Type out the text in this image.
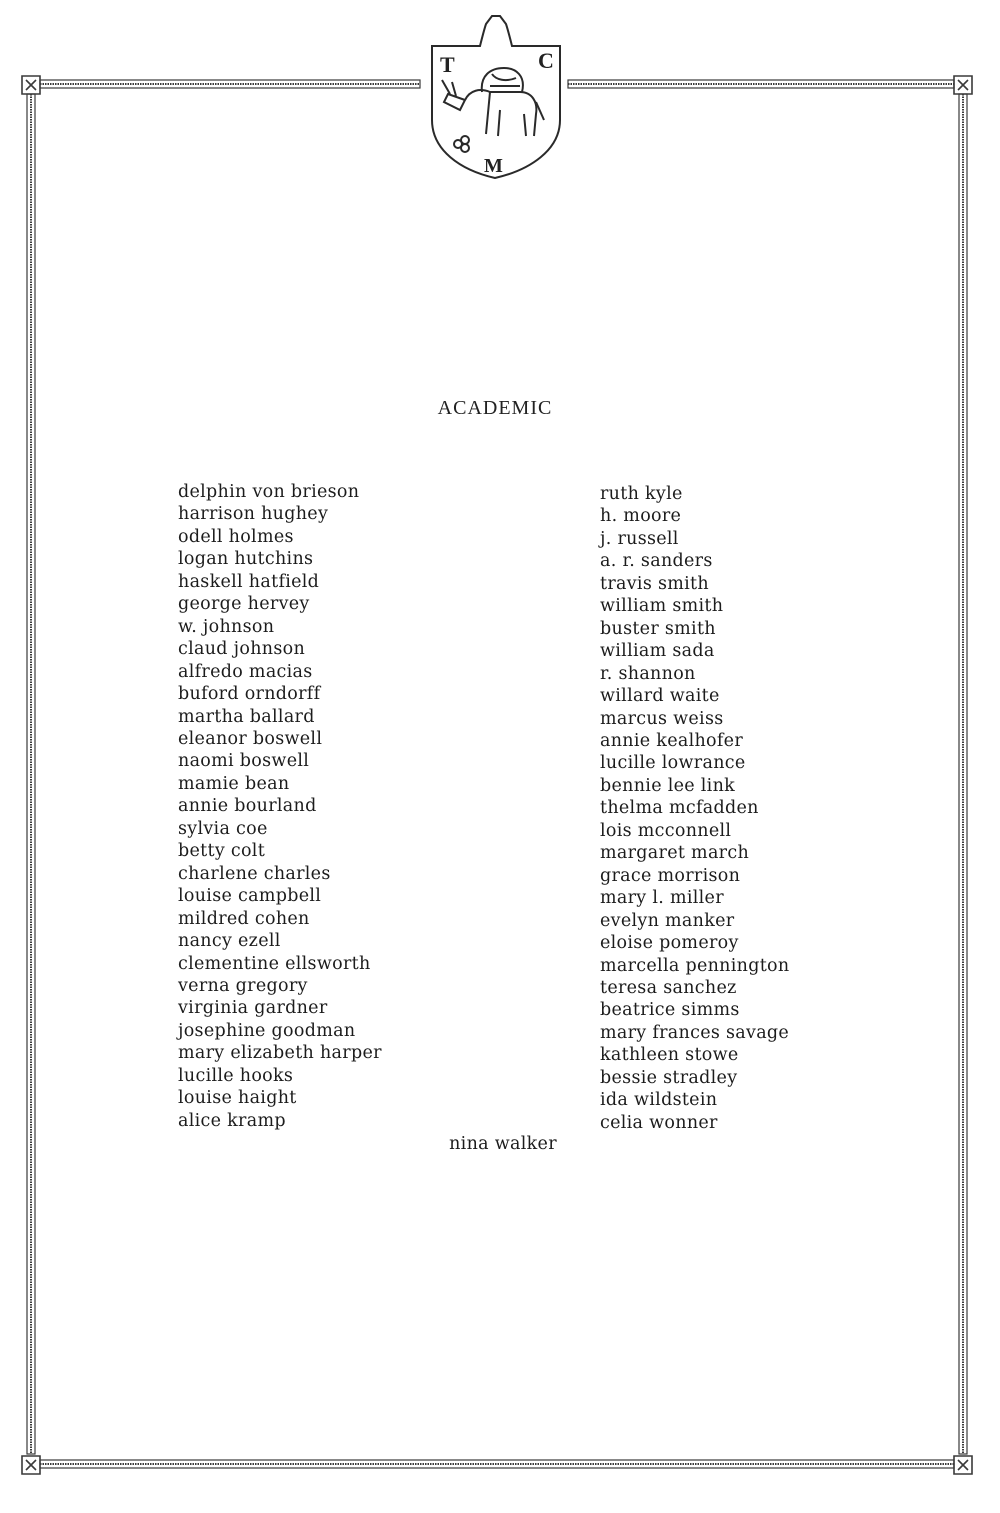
T	C
M
ACADEMIC
delphin von brieson
harrison hughey
odell holmes
logan hutchins
haskell hatfield
george hervey
w. johnson
claud johnson
alfredo macias
buford orndorff
martha ballard
eleanor boswell
naomi boswell
mamie bean
annie bourland
sylvia coe
betty colt
charlene charles
louise campbell
mildred cohen
nancy ezell
clementine ellsworth
verna gregory
virginia gardner
josephine goodman
mary elizabeth harper
lucille hooks
louise haight
alice kramp
ruth kyle
h. moore
j. russell
a. r. sanders
travis smith
william smith
buster smith
william sada
r. shannon
willard waite
marcus weiss
annie kealhofer
lucille lowrance
bennie lee link
thelma mcfadden
lois mcconnell
margaret march
grace morrison
mary l. miller
evelyn manker
eloise pomeroy
marcella pennington
teresa sanchez
beatrice simms
mary frances savage
kathleen stowe
bessie stradley
ida wildstein
celia wonner
nina walker
